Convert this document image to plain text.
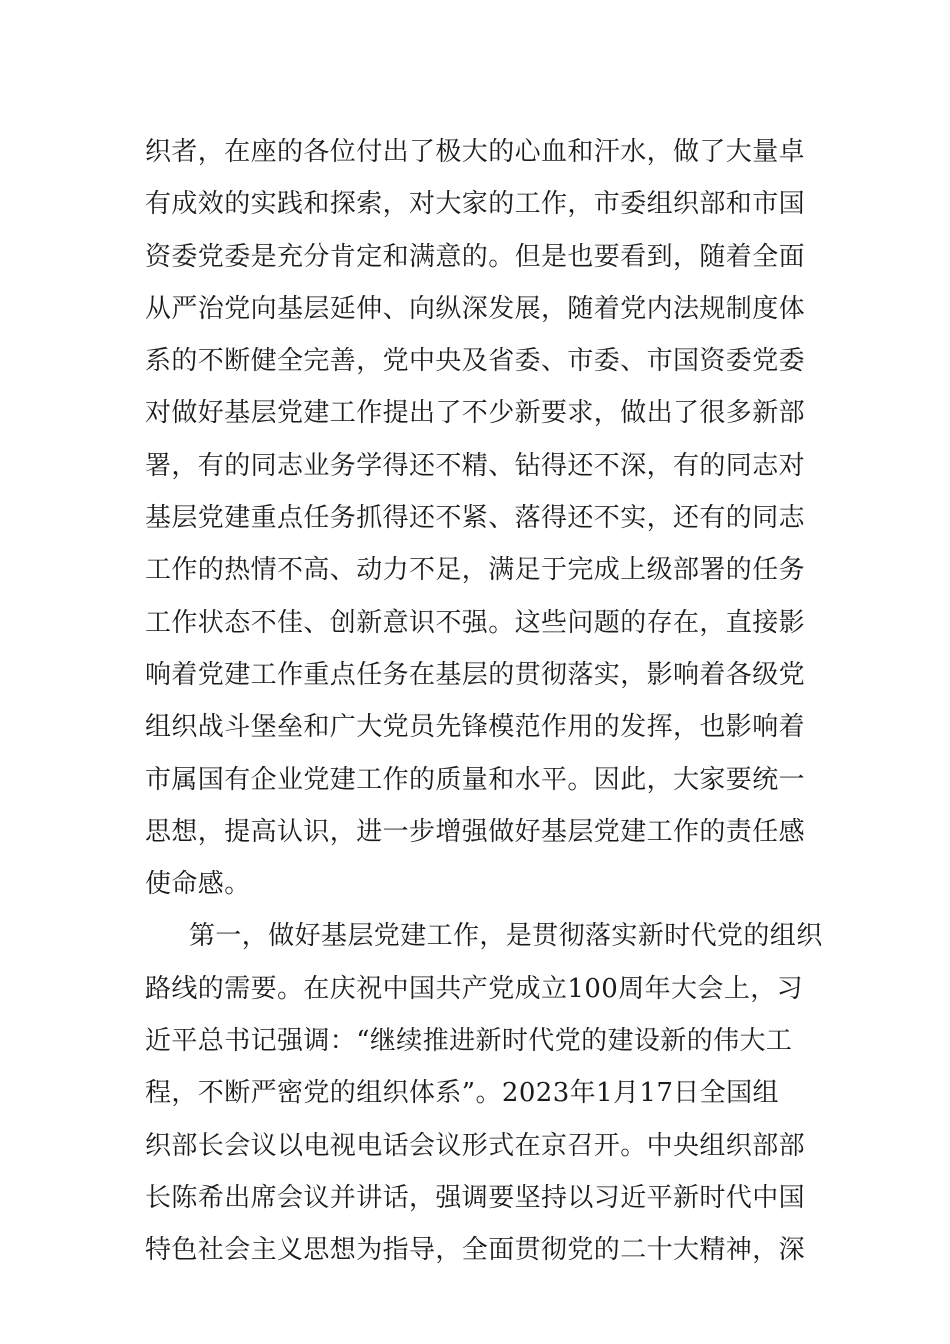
织者，在座的各位付出了极大的心血和汗水，做了大量卓
有成效的实践和探索，对大家的工作，市委组织部和市国
资委党委是充分肯定和满意的。但是也要看到，随着全面
从严治党向基层延伸、向纵深发展，随着党内法规制度体
系的不断健全完善，党中央及省委、市委、市国资委党委
对做好基层党建工作提出了不少新要求，做出了很多新部
署，有的同志业务学得还不精、钻得还不深，有的同志对
基层党建重点任务抓得还不紧、落得还不实，还有的同志
工作的热情不高、动力不足，满足于完成上级部署的任务
工作状态不佳、创新意识不强。这些问题的存在，直接影
响着党建工作重点任务在基层的贯彻落实，影响着各级党
组织战斗堡垒和广大党员先锋模范作用的发挥，也影响着
市属国有企业党建工作的质量和水平。因此，大家要统一
思想，提高认识，进一步增强做好基层党建工作的责任感
使命感。
第一，做好基层党建工作，是贯彻落实新时代党的组织
路线的需要。在庆祝中国共产党成立100周年大会上，习
近平总书记强调：“继续推进新时代党的建设新的伟大工
程，不断严密党的组织体系”。2023年1月17日全国组
织部长会议以电视电话会议形式在京召开。中央组织部部
长陈希出席会议并讲话，强调要坚持以习近平新时代中国
特色社会主义思想为指导，全面贯彻党的二十大精神，深
